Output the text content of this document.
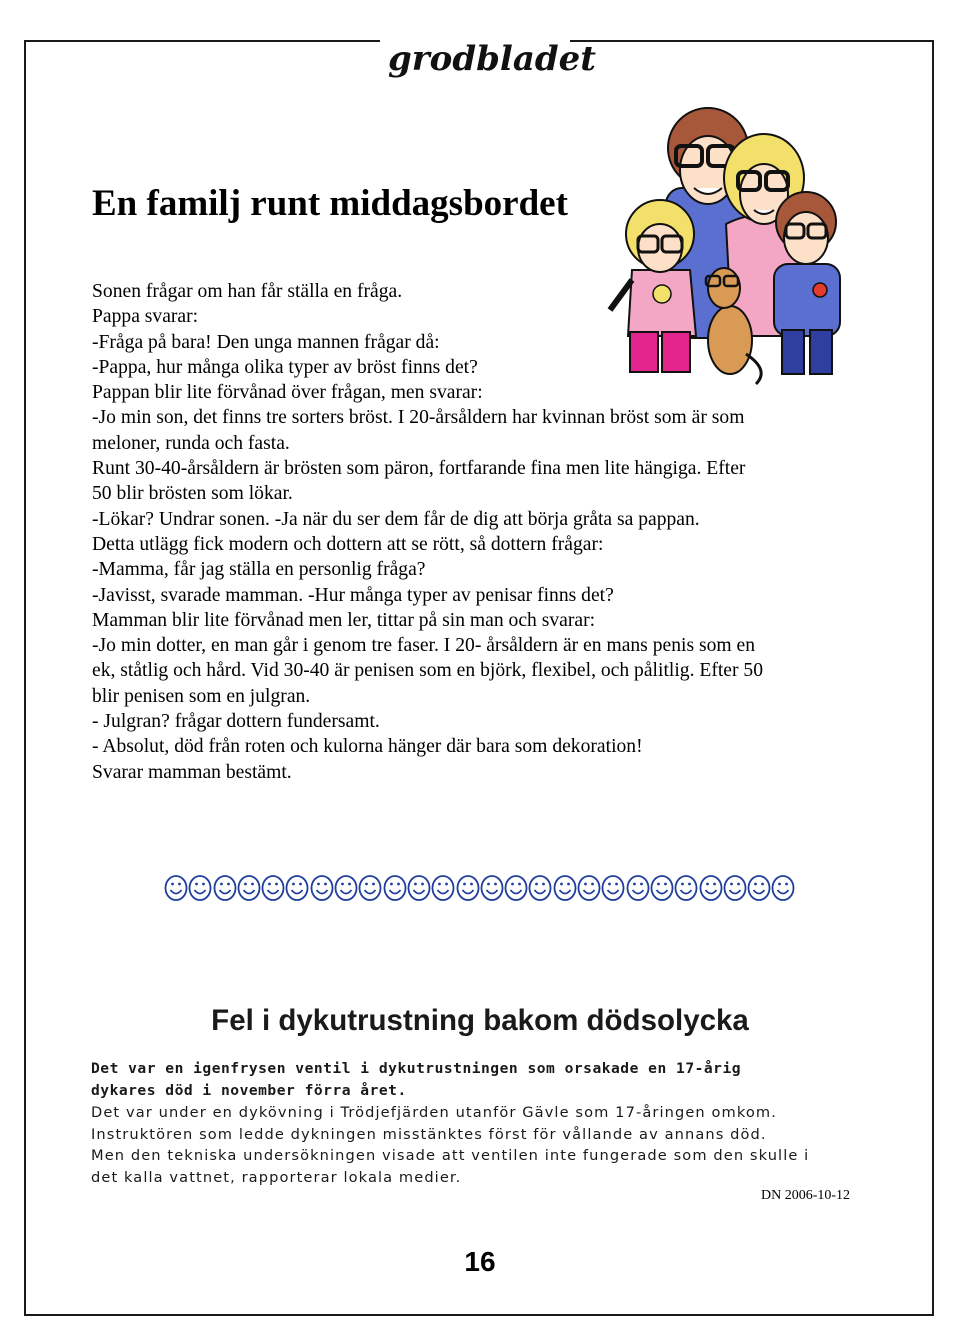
grodbladet
En familj runt middagsbordet
Sonen frågar om han får ställa en fråga.
Pappa svarar:
-Fråga på bara! Den unga mannen frågar då:
-Pappa, hur många olika typer av bröst finns det?
Pappan blir lite förvånad över frågan, men svarar:
-Jo min son, det finns tre sorters bröst. I 20-årsåldern har kvinnan bröst som är som
meloner, runda och fasta.
Runt 30-40-årsåldern är brösten som päron, fortfarande fina men lite hängiga. Efter
50 blir brösten som lökar.
-Lökar? Undrar sonen. -Ja när du ser dem får de dig att börja gråta sa pappan.
Detta utlägg fick modern och dottern att se rött, så dottern frågar:
-Mamma, får jag ställa en personlig fråga?
-Javisst, svarade mamman. -Hur många typer av penisar finns det?
Mamman blir lite förvånad men ler, tittar på sin man och svarar:
-Jo min dotter, en man går i genom tre faser. I 20- årsåldern är en mans penis som en
ek, ståtlig och hård. Vid 30-40 är penisen som en björk, flexibel, och pålitlig. Efter 50
blir penisen som en julgran.
- Julgran? frågar dottern fundersamt.
- Absolut, död från roten och kulorna hänger där bara som dekoration!
Svarar mamman bestämt.
Fel i dykutrustning bakom dödsolycka
Det var en igenfrysen ventil i dykutrustningen som orsakade en 17-årig
dykares död i november förra året.
Det var under en dykövning i Trödjefjärden utanför Gävle som 17-åringen omkom.
Instruktören som ledde dykningen misstänktes först för vållande av annans död.
Men den tekniska undersökningen visade att ventilen inte fungerade som den skulle i
det kalla vattnet, rapporterar lokala medier.

DN 2006-10-12

16
